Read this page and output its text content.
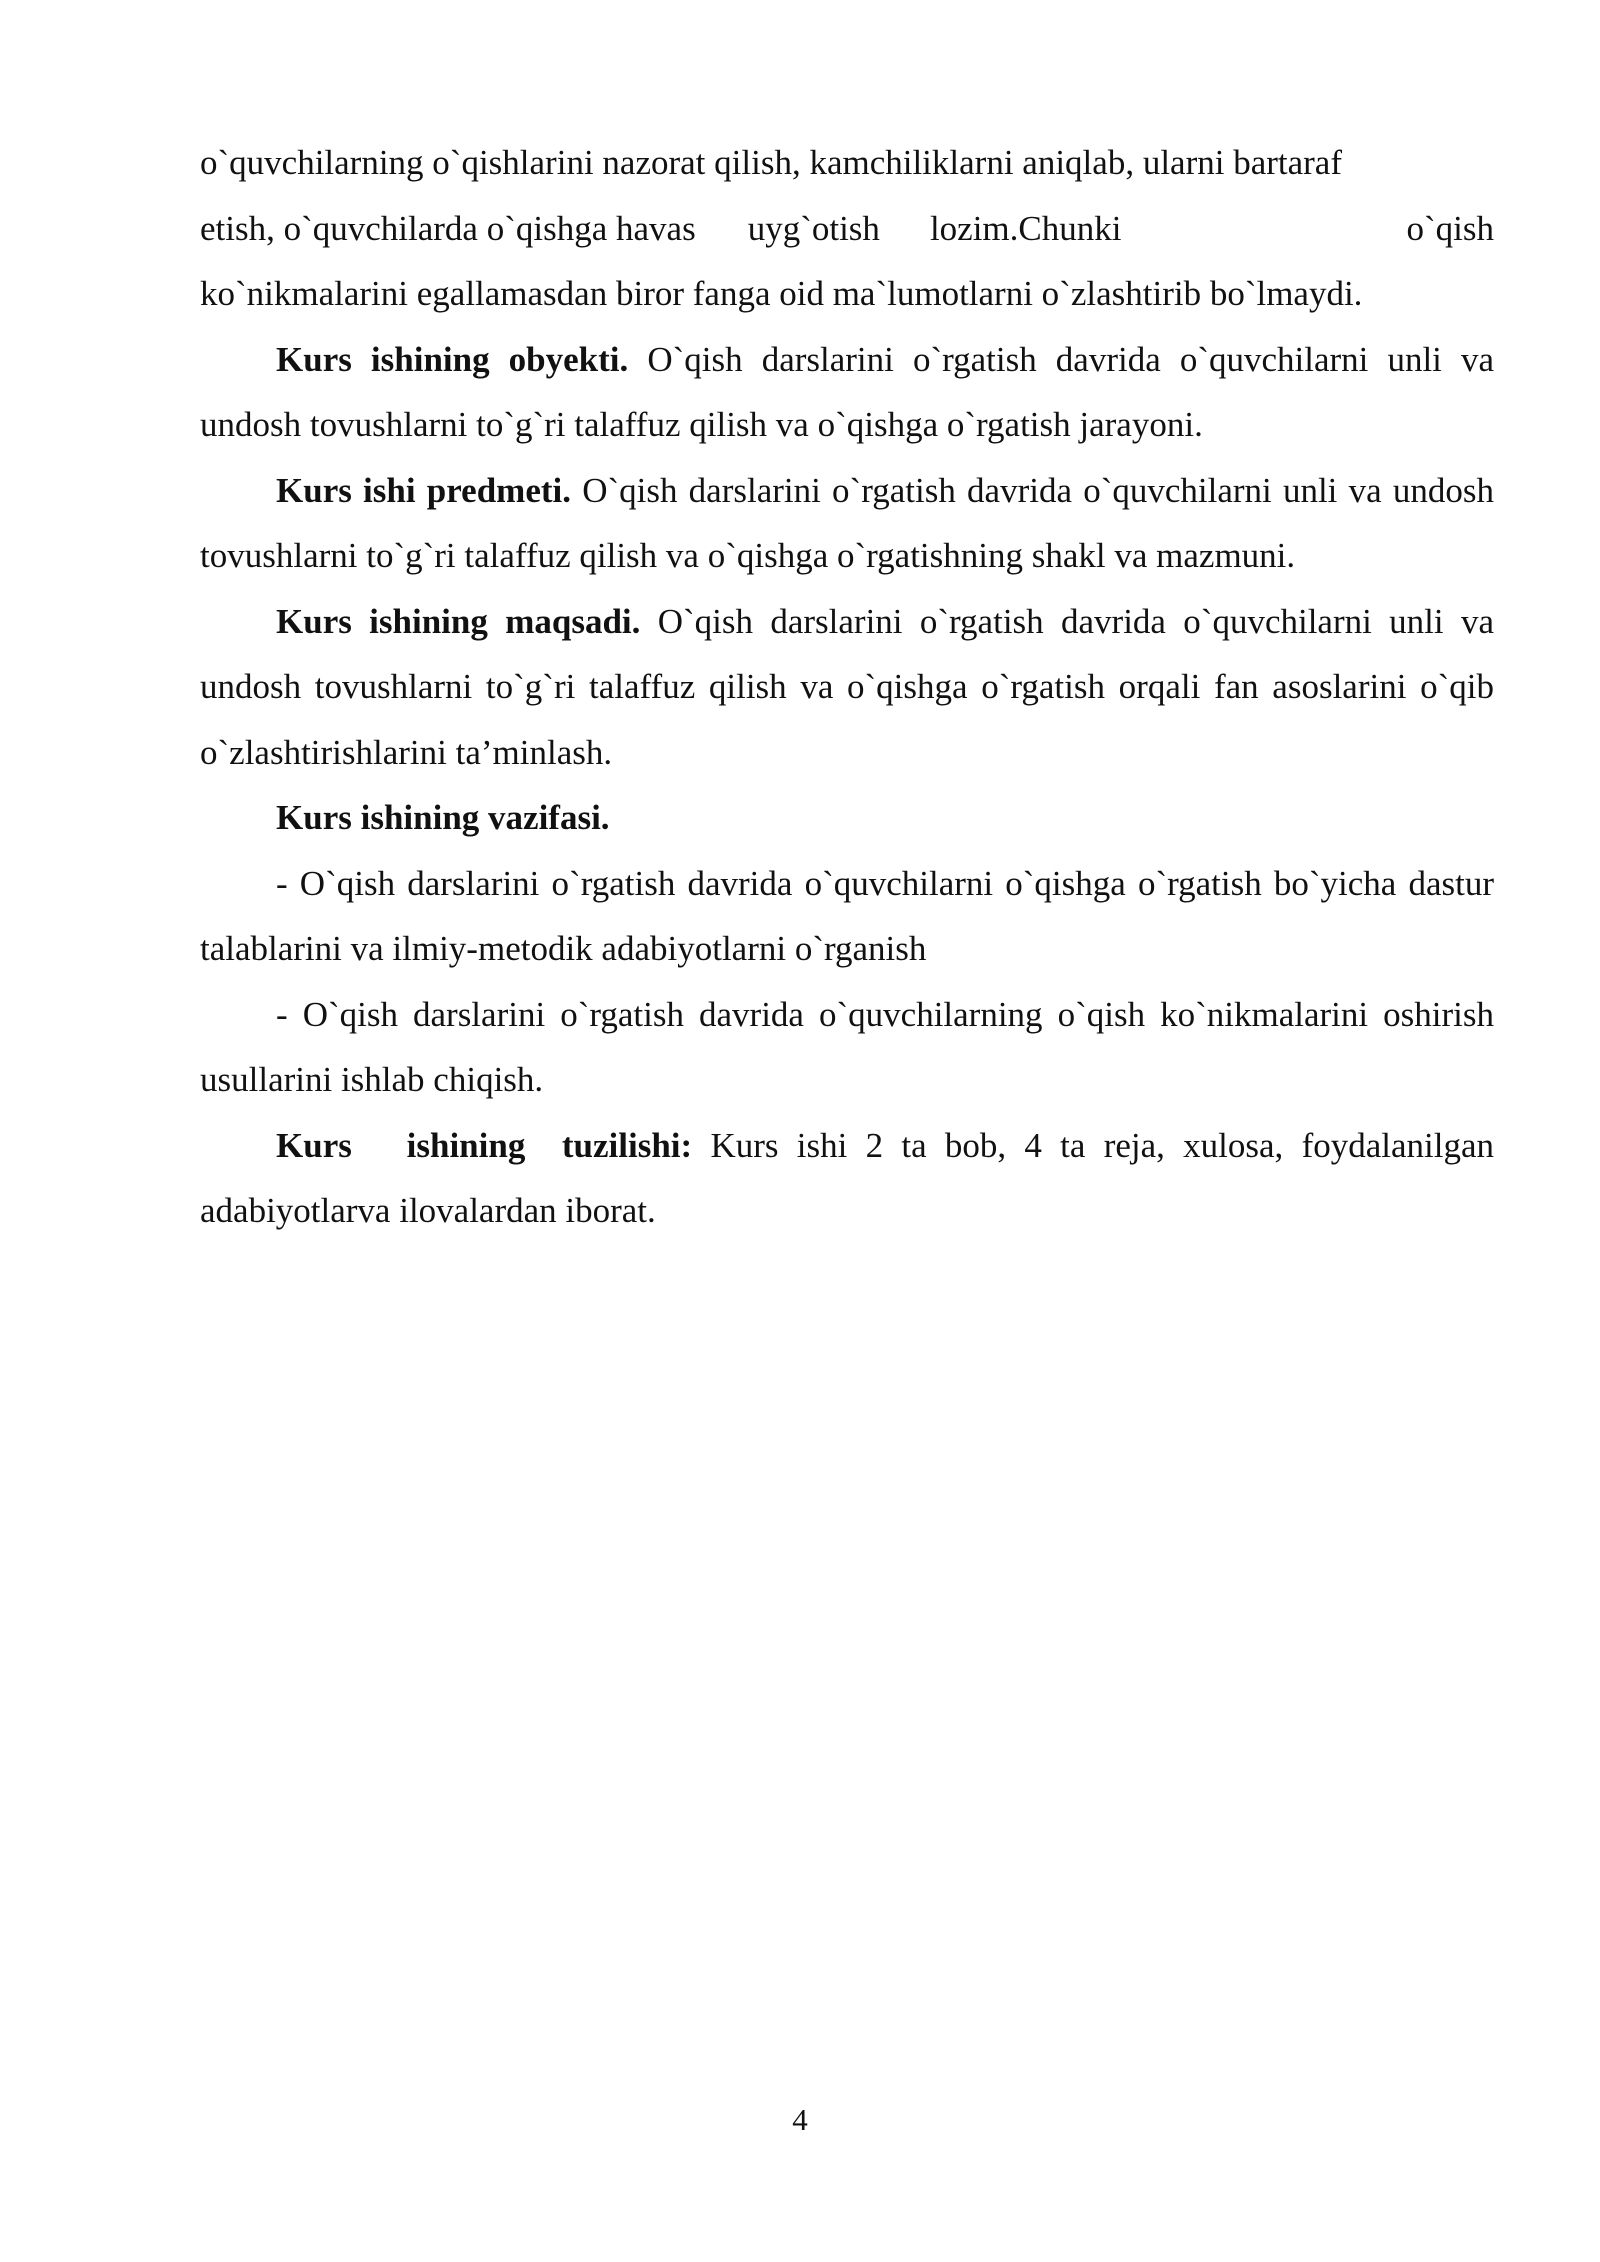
o`quvchilarning o`qishlarini nazorat qilish, kamchiliklarni aniqlab, ularni bartaraf
etish, o`quvchilarda o`qishga havas uyg`otish lozim.Chunki	o`qish

ko`nikmalarini egallamasdan biror fanga oid ma`lumotlarni o`zlashtirib bo`lmaydi.

Kurs ishining obyekti. O`qish darslarini o`rgatish davrida o`quvchilarni unli va undosh tovushlarni to`g`ri talaffuz qilish va o`qishga o`rgatish jarayoni.

Kurs ishi predmeti. O`qish darslarini o`rgatish davrida o`quvchilarni unli va undosh tovushlarni to`g`ri talaffuz qilish va o`qishga o`rgatishning shakl va mazmuni.

Kurs ishining maqsadi. O`qish darslarini o`rgatish davrida o`quvchilarni unli va undosh tovushlarni to`g`ri talaffuz qilish va o`qishga o`rgatish orqali fan asoslarini o`qib o`zlashtirishlarini ta’minlash.

Kurs ishining vazifasi.

- O`qish darslarini o`rgatish davrida o`quvchilarni o`qishga o`rgatish bo`yicha dastur talablarini va ilmiy-metodik adabiyotlarni o`rganish

- O`qish darslarini o`rgatish davrida o`quvchilarning o`qish ko`nikmalarini oshirish usullarini ishlab chiqish.

Kurs   ishining  tuzilishi: Kurs ishi 2 ta bob, 4 ta reja, xulosa, foydalanilgan adabiyotlarva ilovalardan iborat.

4
